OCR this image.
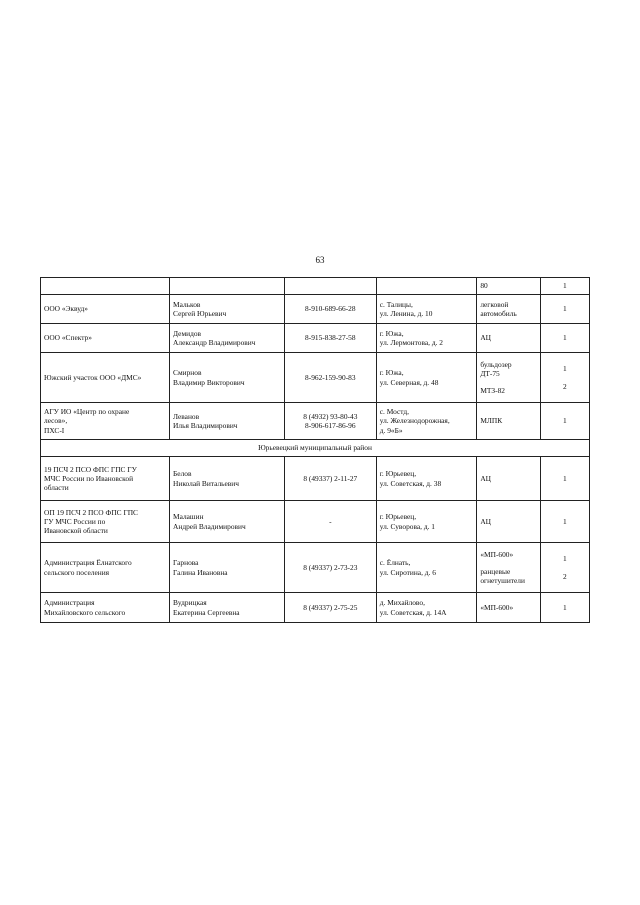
63

				80	1

ООО «Эквуд»	Мальков
Сергей Юрьевич	8-910-689-66-28	с. Талицы,
ул. Ленина, д. 10	легковой
автомобиль	1

ООО «Спектр»	Демидов
Александр Владимирович	8-915-838-27-58	г. Южа,
ул. Лермонтова, д. 2	АЦ	1

Южский участок ООО «ДМС»	Смирнов
Владимир Викторович	8-962-159-90-83	г. Южа,
ул. Северная, д. 48	бульдозер
ДТ-75
МТЗ-82	1
2

АГУ ИО «Центр по охране
лесов»,
ПХС-I	Леванов
Илья Владимирович	8 (4932) 93-80-43
8-906-617-86-96	с. Мостд,
ул. Железнодорожная,
д. 9«Б»	МЛПК	1

Юрьевецкий муниципальный район					

19 ПСЧ 2 ПСО ФПС ГПС ГУ
МЧС России по Ивановской
области	Белов
Николай Витальевич	8 (49337) 2-11-27	г. Юрьевец,
ул. Советская, д. 38	АЦ	1

ОП 19 ПСЧ 2 ПСО ФПС ГПС
ГУ МЧС России по
Ивановской области	Малашин
Андрей Владимирович	-	г. Юрьевец,
ул. Суворова, д. 1	АЦ	1

Администрация Ёлнатского
сельского поселения	Гарнова
Галина Ивановна	8 (49337) 2-73-23	с. Ёлнать,
ул. Сиротина, д. 6	«МП-600»
ранцевые
огнетушители	1
2

Администрация
Михайловского сельского	Вудрицкая
Екатерина Сергеевна	8 (49337) 2-75-25	д. Михайлово,
ул. Советская, д. 14А	«МП-600»	1
